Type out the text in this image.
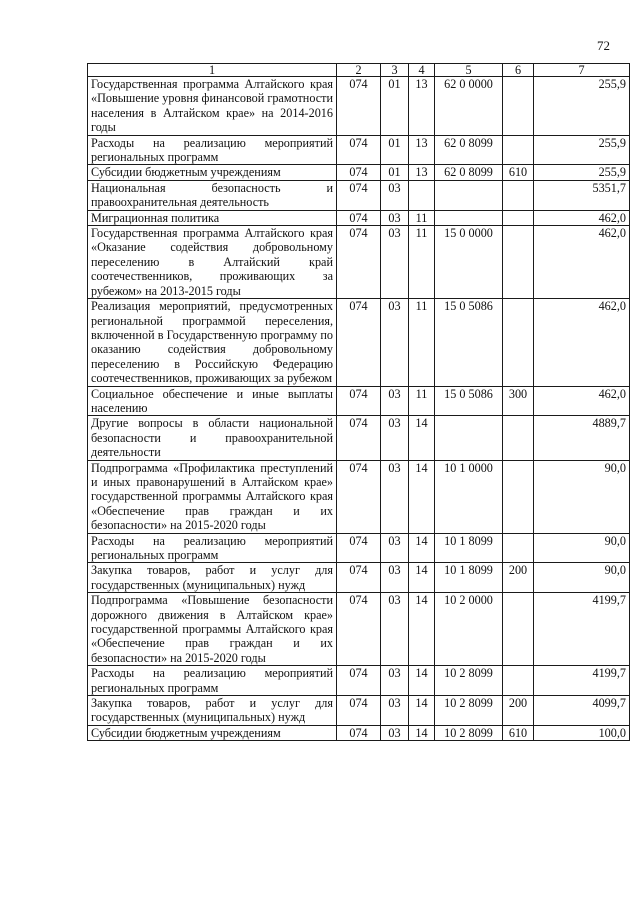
72
1	2	3	4	5	6	7
Государственная программа Алтайского края «Повышение уровня финансовой грамотности населения в Алтайском крае» на 2014-2016 годы	074	01	13	62 0 0000		255,9
Расходы на реализацию мероприятий региональных программ	074	01	13	62 0 8099		255,9
Субсидии бюджетным учреждениям	074	01	13	62 0 8099	610	255,9
Национальная безопасность и правоохранительная деятельность	074	03				5351,7
Миграционная политика	074	03	11			462,0
Государственная программа Алтайского края «Оказание содействия добровольному переселению в Алтайский край соотечественников, проживающих за рубежом» на 2013-2015 годы	074	03	11	15 0 0000		462,0
Реализация мероприятий, предусмотренных региональной программой переселения, включенной в Государственную программу по оказанию содействия добровольному переселению в Российскую Федерацию соотечественников, проживающих за рубежом	074	03	11	15 0 5086		462,0
Социальное обеспечение и иные выплаты населению	074	03	11	15 0 5086	300	462,0
Другие вопросы в области национальной безопасности и правоохранительной деятельности	074	03	14			4889,7
Подпрограмма «Профилактика преступлений и иных правонарушений в Алтайском крае» государственной программы Алтайского края «Обеспечение прав граждан и их безопасности» на 2015-2020 годы	074	03	14	10 1 0000		90,0
Расходы на реализацию мероприятий региональных программ	074	03	14	10 1 8099		90,0
Закупка товаров, работ и услуг для государственных (муниципальных) нужд	074	03	14	10 1 8099	200	90,0
Подпрограмма «Повышение безопасности дорожного движения в Алтайском крае» государственной программы Алтайского края «Обеспечение прав граждан и их безопасности» на 2015-2020 годы	074	03	14	10 2 0000		4199,7
Расходы на реализацию мероприятий региональных программ	074	03	14	10 2 8099		4199,7
Закупка товаров, работ и услуг для государственных (муниципальных) нужд	074	03	14	10 2 8099	200	4099,7
Субсидии бюджетным учреждениям	074	03	14	10 2 8099	610	100,0
